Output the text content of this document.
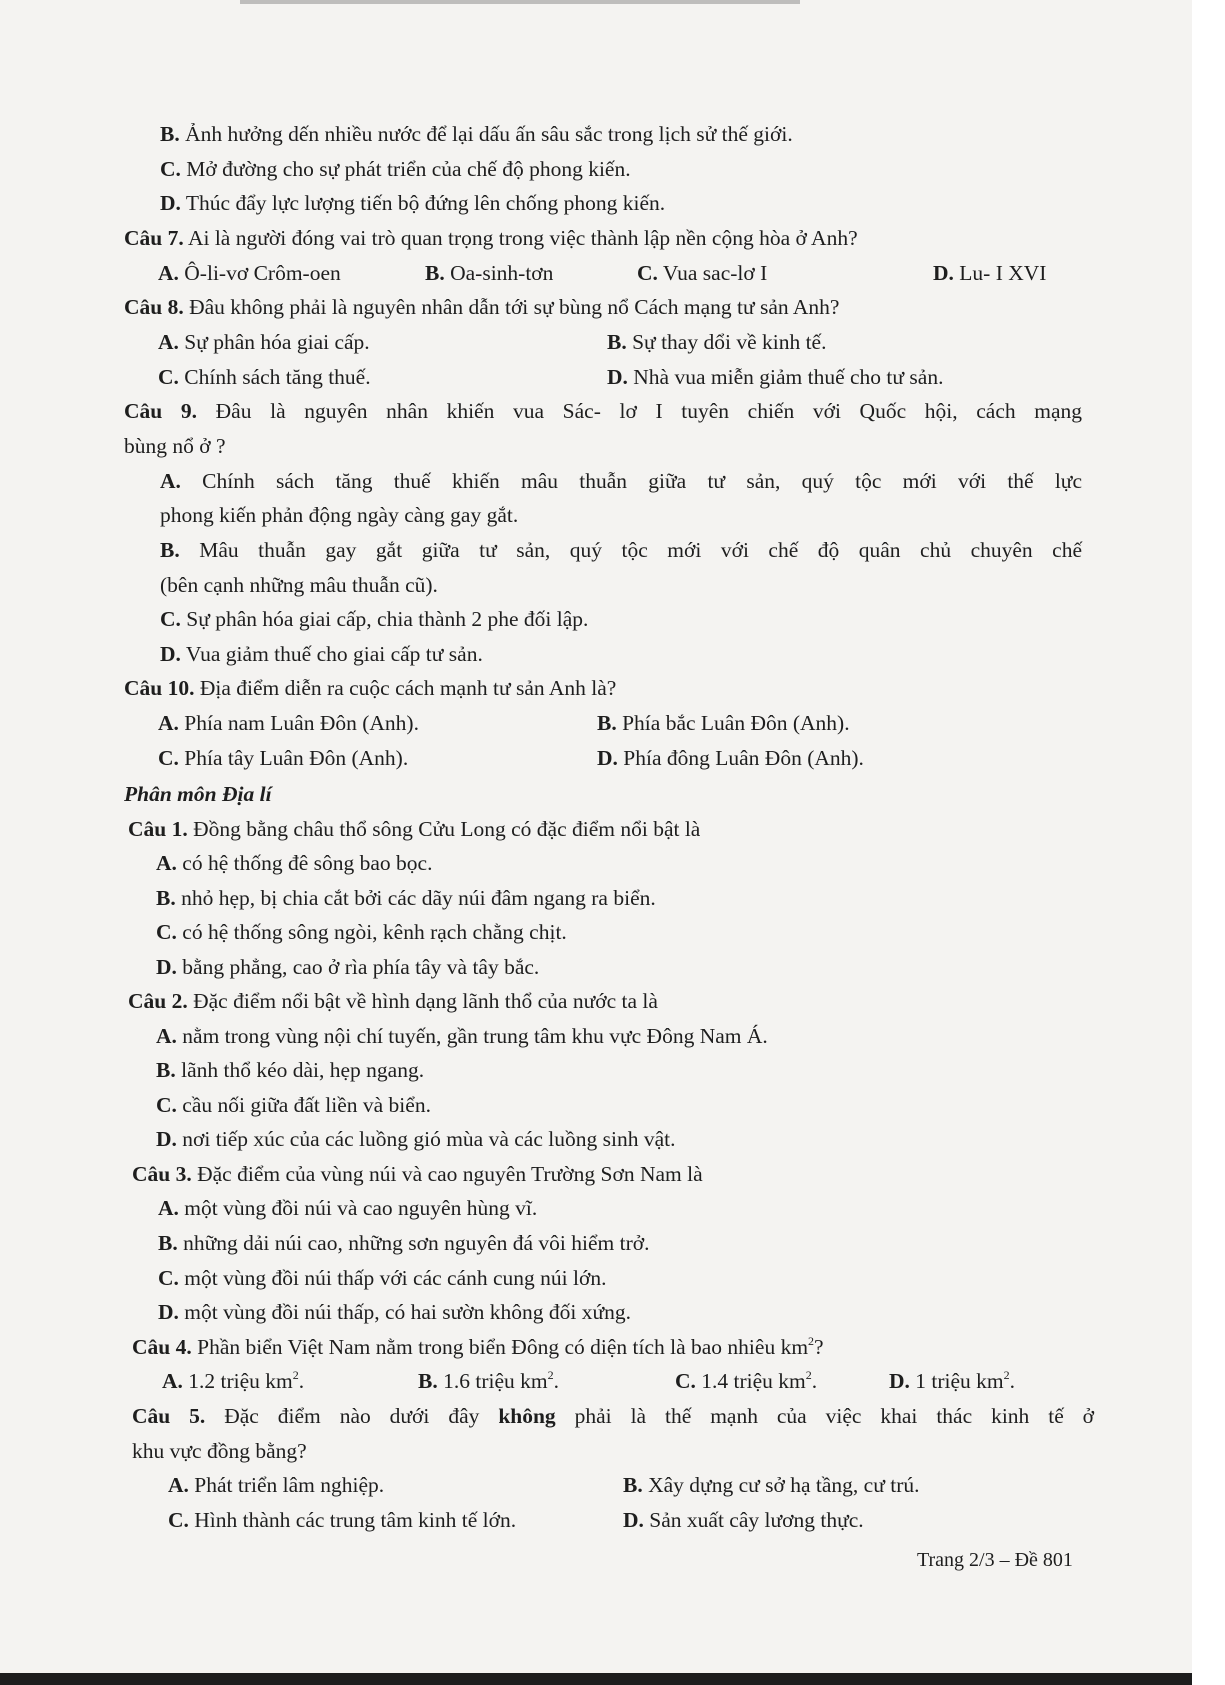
B. Ảnh hưởng dến nhiều nước để lại dấu ấn sâu sắc trong lịch sử thế giới.
C. Mở đường cho sự phát triển của chế độ phong kiến.
D. Thúc đẩy lực lượng tiến bộ đứng lên chống phong kiến.
Câu 7. Ai là người đóng vai trò quan trọng trong việc thành lập nền cộng hòa ở Anh?
A. Ô-li-vơ Crôm-oen	B. Oa-sinh-tơn	C. Vua sac-lơ I	D. Lu- I XVI
Câu 8. Đâu không phải là nguyên nhân dẫn tới sự bùng nổ Cách mạng tư sản Anh?
A. Sự phân hóa giai cấp.	B. Sự thay dổi về kinh tế.
C. Chính sách tăng thuế.	D. Nhà vua miễn giảm thuế cho tư sản.
Câu 9. Đâu là nguyên nhân khiến vua Sác- lơ I tuyên chiến với Quốc hội, cách mạng
bùng nổ ở ?
A. Chính sách tăng thuế khiến mâu thuẫn giữa tư sản, quý tộc mới với thế lực
phong kiến phản động ngày càng gay gắt.
B. Mâu thuẫn gay gắt giữa tư sản, quý tộc mới với chế độ quân chủ chuyên chế
(bên cạnh những mâu thuẫn cũ).
C. Sự phân hóa giai cấp, chia thành 2 phe đối lập.
D. Vua giảm thuế cho giai cấp tư sản.
Câu 10. Địa điểm diễn ra cuộc cách mạnh tư sản Anh là?
A. Phía nam Luân Đôn (Anh).	B. Phía bắc Luân Đôn (Anh).
C. Phía tây Luân Đôn (Anh).	D. Phía đông Luân Đôn (Anh).
Phân môn Địa lí
Câu 1. Đồng bằng châu thổ sông Cửu Long có đặc điểm nổi bật là
A. có hệ thống đê sông bao bọc.
B. nhỏ hẹp, bị chia cắt bởi các dãy núi đâm ngang ra biển.
C. có hệ thống sông ngòi, kênh rạch chằng chịt.
D. bằng phẳng, cao ở rìa phía tây và tây bắc.
Câu 2. Đặc điểm nổi bật về hình dạng lãnh thổ của nước ta là
A. nằm trong vùng nội chí tuyến, gần trung tâm khu vực Đông Nam Á.
B. lãnh thổ kéo dài, hẹp ngang.
C. cầu nối giữa đất liền và biển.
D. nơi tiếp xúc của các luồng gió mùa và các luồng sinh vật.
Câu 3. Đặc điểm của vùng núi và cao nguyên Trường Sơn Nam là
A. một vùng đồi núi và cao nguyên hùng vĩ.
B. những dải núi cao, những sơn nguyên đá vôi hiểm trở.
C. một vùng đồi núi thấp với các cánh cung núi lớn.
D. một vùng đồi núi thấp, có hai sườn không đối xứng.
Câu 4. Phần biển Việt Nam nằm trong biển Đông có diện tích là bao nhiêu $km^2$?
A. 1.2 triệu $km^2$.	B. 1.6 triệu $km^2$.	C. 1.4 triệu $km^2$.	D. 1 triệu $km^2$.
Câu 5. Đặc điểm nào dưới đây không phải là thế mạnh của việc khai thác kinh tế ở
khu vực đồng bằng?
A. Phát triển lâm nghiệp.	B. Xây dựng cư sở hạ tầng, cư trú.
C. Hình thành các trung tâm kinh tế lớn.	D. Sản xuất cây lương thực.
Trang 2/3 – Đề 801
